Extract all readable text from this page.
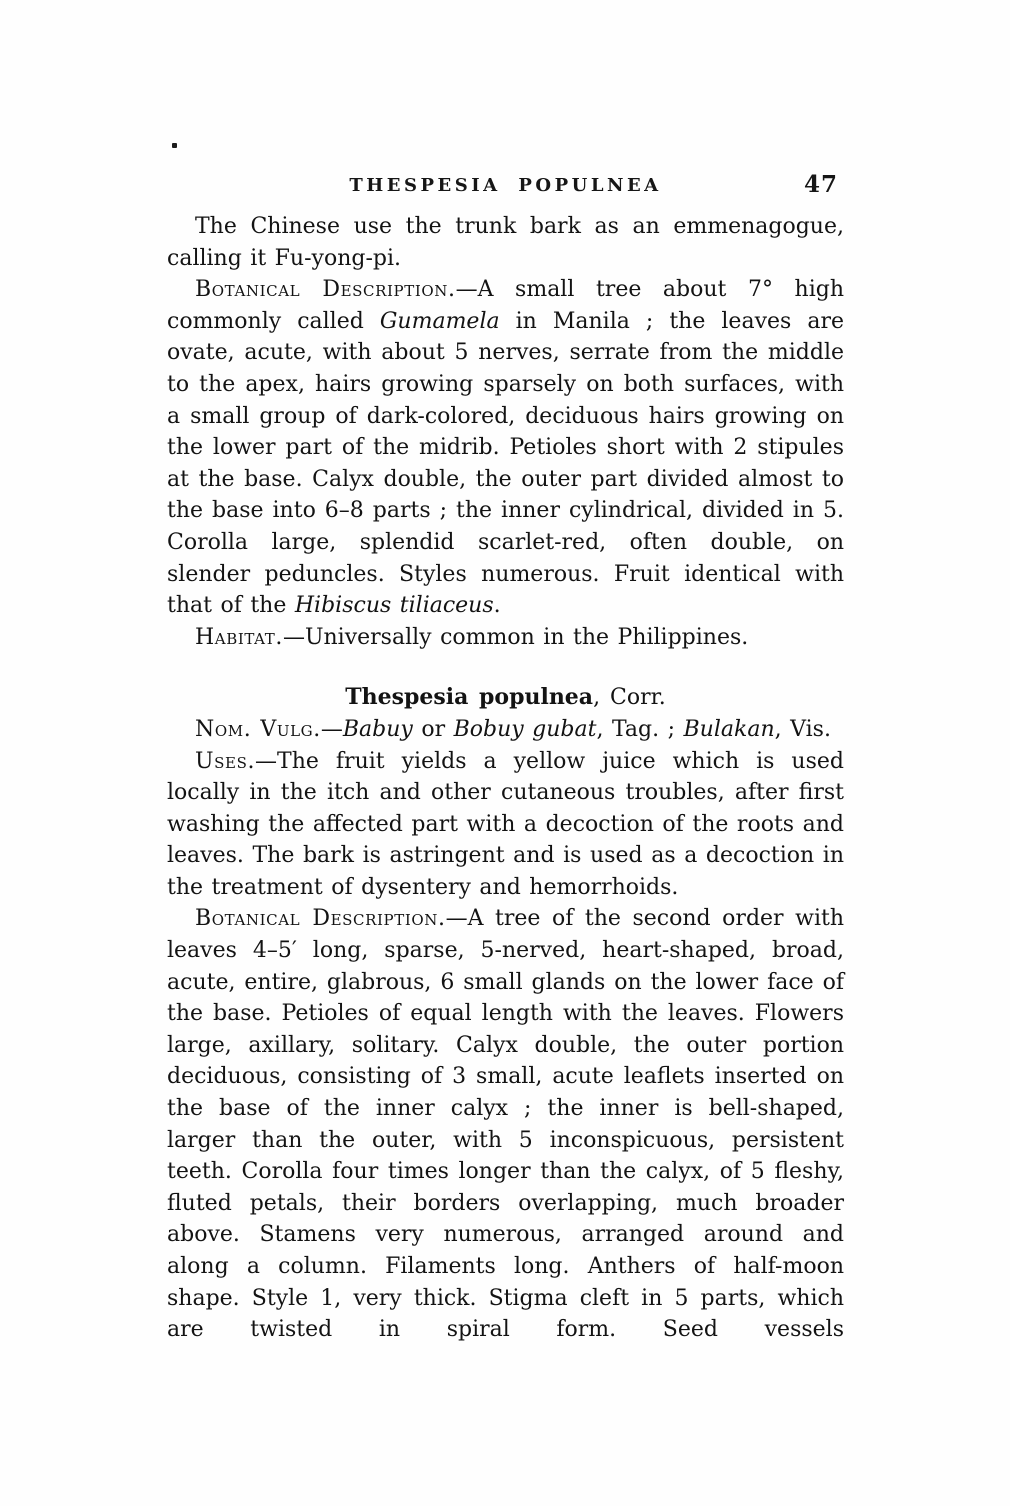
THESPESIA POPULNEA	47

The Chinese use the trunk bark as an emmenagogue, calling it Fu-yong-pi.

Botanical Description.—A small tree about 7° high commonly called Gumamela in Manila ; the leaves are ovate, acute, with about 5 nerves, serrate from the middle to the apex, hairs growing sparsely on both surfaces, with a small group of dark-colored, deciduous hairs growing on the lower part of the midrib. Petioles short with 2 stipules at the base. Calyx double, the outer part divided almost to the base into 6–8 parts ; the inner cylindrical, divided in 5. Corolla large, splendid scarlet-red, often double, on slender peduncles. Styles numerous. Fruit identical with that of the Hibiscus tiliaceus.

Habitat.—Universally common in the Philippines.

Thespesia populnea, Corr.

Nom. Vulg.—Babuy or Bobuy gubat, Tag. ; Bulakan, Vis.

Uses.—The fruit yields a yellow juice which is used locally in the itch and other cutaneous troubles, after first washing the affected part with a decoction of the roots and leaves. The bark is astringent and is used as a decoction in the treatment of dysentery and hemorrhoids.

Botanical Description.—A tree of the second order with leaves 4–5′ long, sparse, 5-nerved, heart-shaped, broad, acute, entire, glabrous, 6 small glands on the lower face of the base. Petioles of equal length with the leaves. Flowers large, axillary, solitary. Calyx double, the outer portion deciduous, consisting of 3 small, acute leaflets inserted on the base of the inner calyx ; the inner is bell-shaped, larger than the outer, with 5 inconspicuous, persistent teeth. Corolla four times longer than the calyx, of 5 fleshy, fluted petals, their borders overlapping, much broader above. Stamens very numerous, arranged around and along a column. Filaments long. Anthers of half-moon shape. Style 1, very thick. Stigma cleft in 5 parts, which are twisted in spiral form. Seed vessels
